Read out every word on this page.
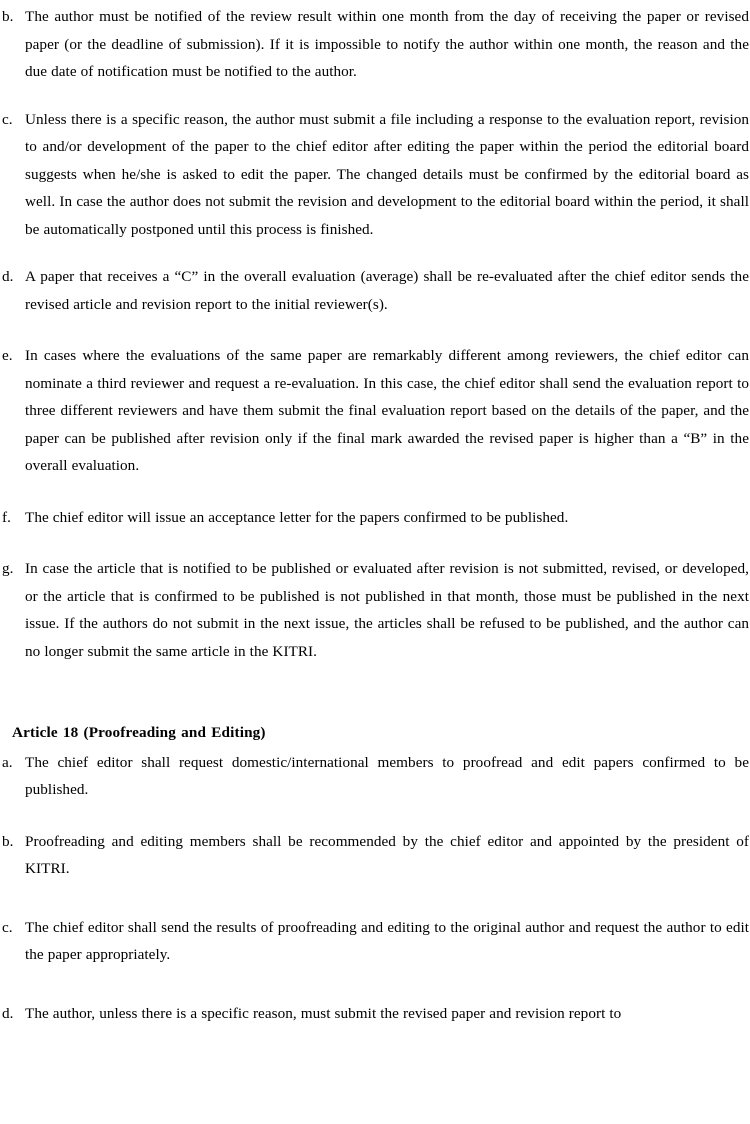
b. The author must be notified of the review result within one month from the day of receiving the paper or revised paper (or the deadline of submission). If it is impossible to notify the author within one month, the reason and the due date of notification must be notified to the author.

c. Unless there is a specific reason, the author must submit a file including a response to the evaluation report, revision to and/or development of the paper to the chief editor after editing the paper within the period the editorial board suggests when he/she is asked to edit the paper. The changed details must be confirmed by the editorial board as well. In case the author does not submit the revision and development to the editorial board within the period, it shall be automatically postponed until this process is finished.

d. A paper that receives a “C” in the overall evaluation (average) shall be re-evaluated after the chief editor sends the revised article and revision report to the initial reviewer(s).

e. In cases where the evaluations of the same paper are remarkably different among reviewers, the chief editor can nominate a third reviewer and request a re-evaluation. In this case, the chief editor shall send the evaluation report to three different reviewers and have them submit the final evaluation report based on the details of the paper, and the paper can be published after revision only if the final mark awarded the revised paper is higher than a “B” in the overall evaluation.

f. The chief editor will issue an acceptance letter for the papers confirmed to be published.

g. In case the article that is notified to be published or evaluated after revision is not submitted, revised, or developed, or the article that is confirmed to be published is not published in that month, those must be published in the next issue. If the authors do not submit in the next issue, the articles shall be refused to be published, and the author can no longer submit the same article in the KITRI.

Article 18 (Proofreading and Editing)

a. The chief editor shall request domestic/international members to proofread and edit papers confirmed to be published.

b. Proofreading and editing members shall be recommended by the chief editor and appointed by the president of KITRI.

c. The chief editor shall send the results of proofreading and editing to the original author and request the author to edit the paper appropriately.

d. The author, unless there is a specific reason, must submit the revised paper and revision report to
